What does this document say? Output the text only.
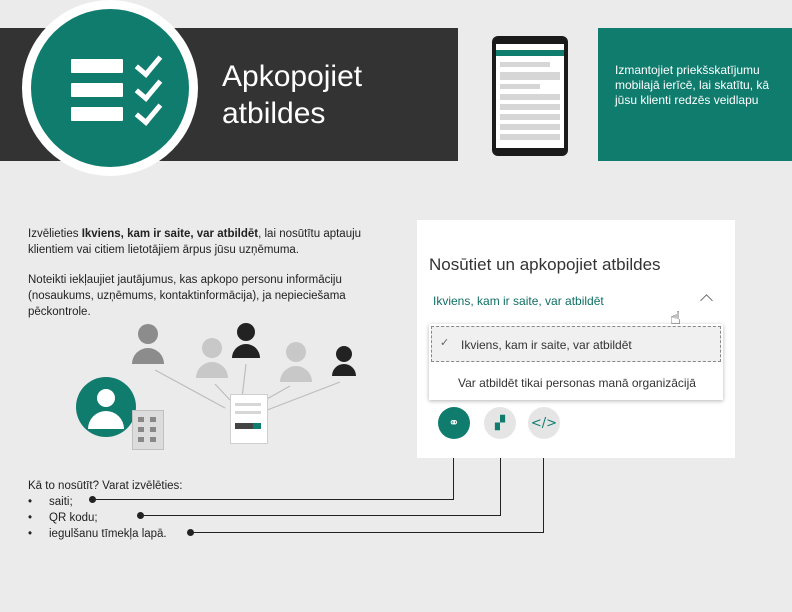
Apkopojiet atbildes
Izmantojiet priekšskatījumu mobilajā ierīcē, lai skatītu, kā jūsu klienti redzēs veidlapu
Izvēlieties Ikviens, kam ir saite, var atbildēt, lai nosūtītu aptauju klientiem vai citiem lietotājiem ārpus jūsu uzņēmuma.
Noteikti iekļaujiet jautājumus, kas apkopo personu informāciju (nosaukums, uzņēmums, kontaktinformācija), ja nepieciešama pēckontrole.
Kā to nosūtīt? Varat izvēlēties:
•
•
•
saiti;
QR kodu;
iegulšanu tīmekļa lapā.
Nosūtiet un apkopojiet atbildes
Ikviens, kam ir saite, var atbildēt
✓ Ikviens, kam ir saite, var atbildēt
Var atbildēt tikai personas manā organizācijā
☝
⚭	▞	</>
